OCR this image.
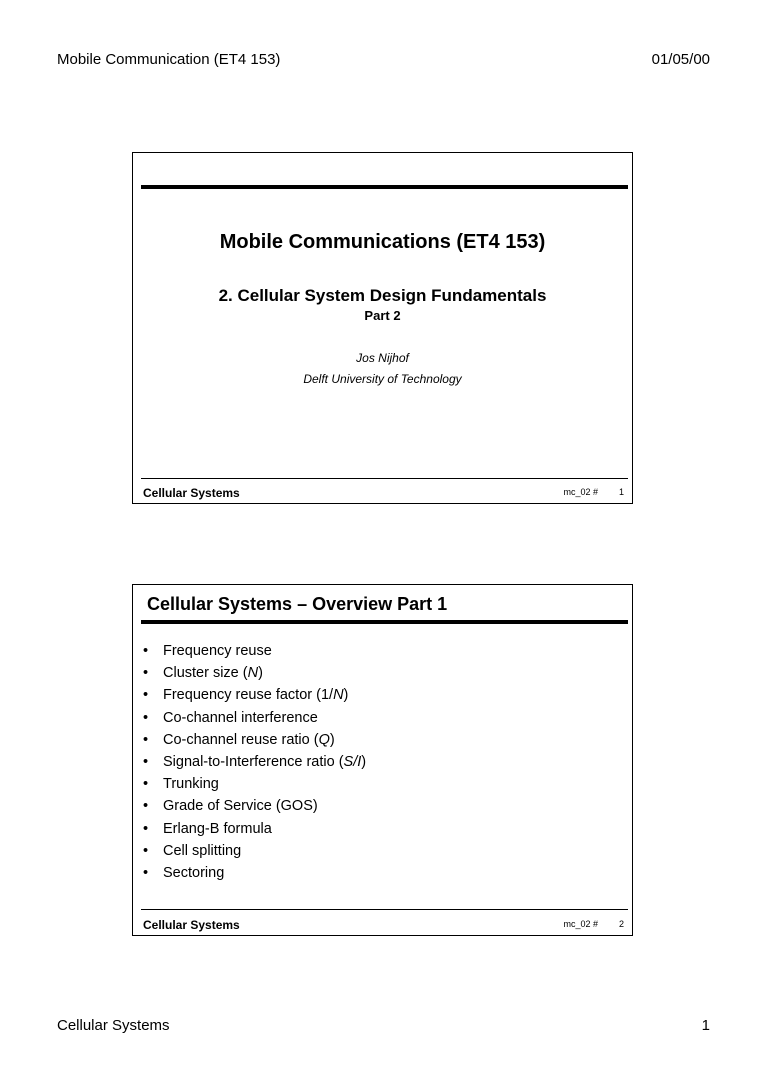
Mobile Communication (ET4 153)	01/05/00
Mobile Communications (ET4 153)
2. Cellular System Design Fundamentals
Part 2
Jos Nijhof
Delft University of Technology
Cellular Systems	mc_02 # 1
Cellular Systems – Overview Part 1
• Frequency reuse
• Cluster size (N)
• Frequency reuse factor (1/N)
• Co-channel interference
• Co-channel reuse ratio (Q)
• Signal-to-Interference ratio (S/I)
• Trunking
• Grade of Service (GOS)
• Erlang-B formula
• Cell splitting
• Sectoring
Cellular Systems	mc_02 # 2
Cellular Systems	1
